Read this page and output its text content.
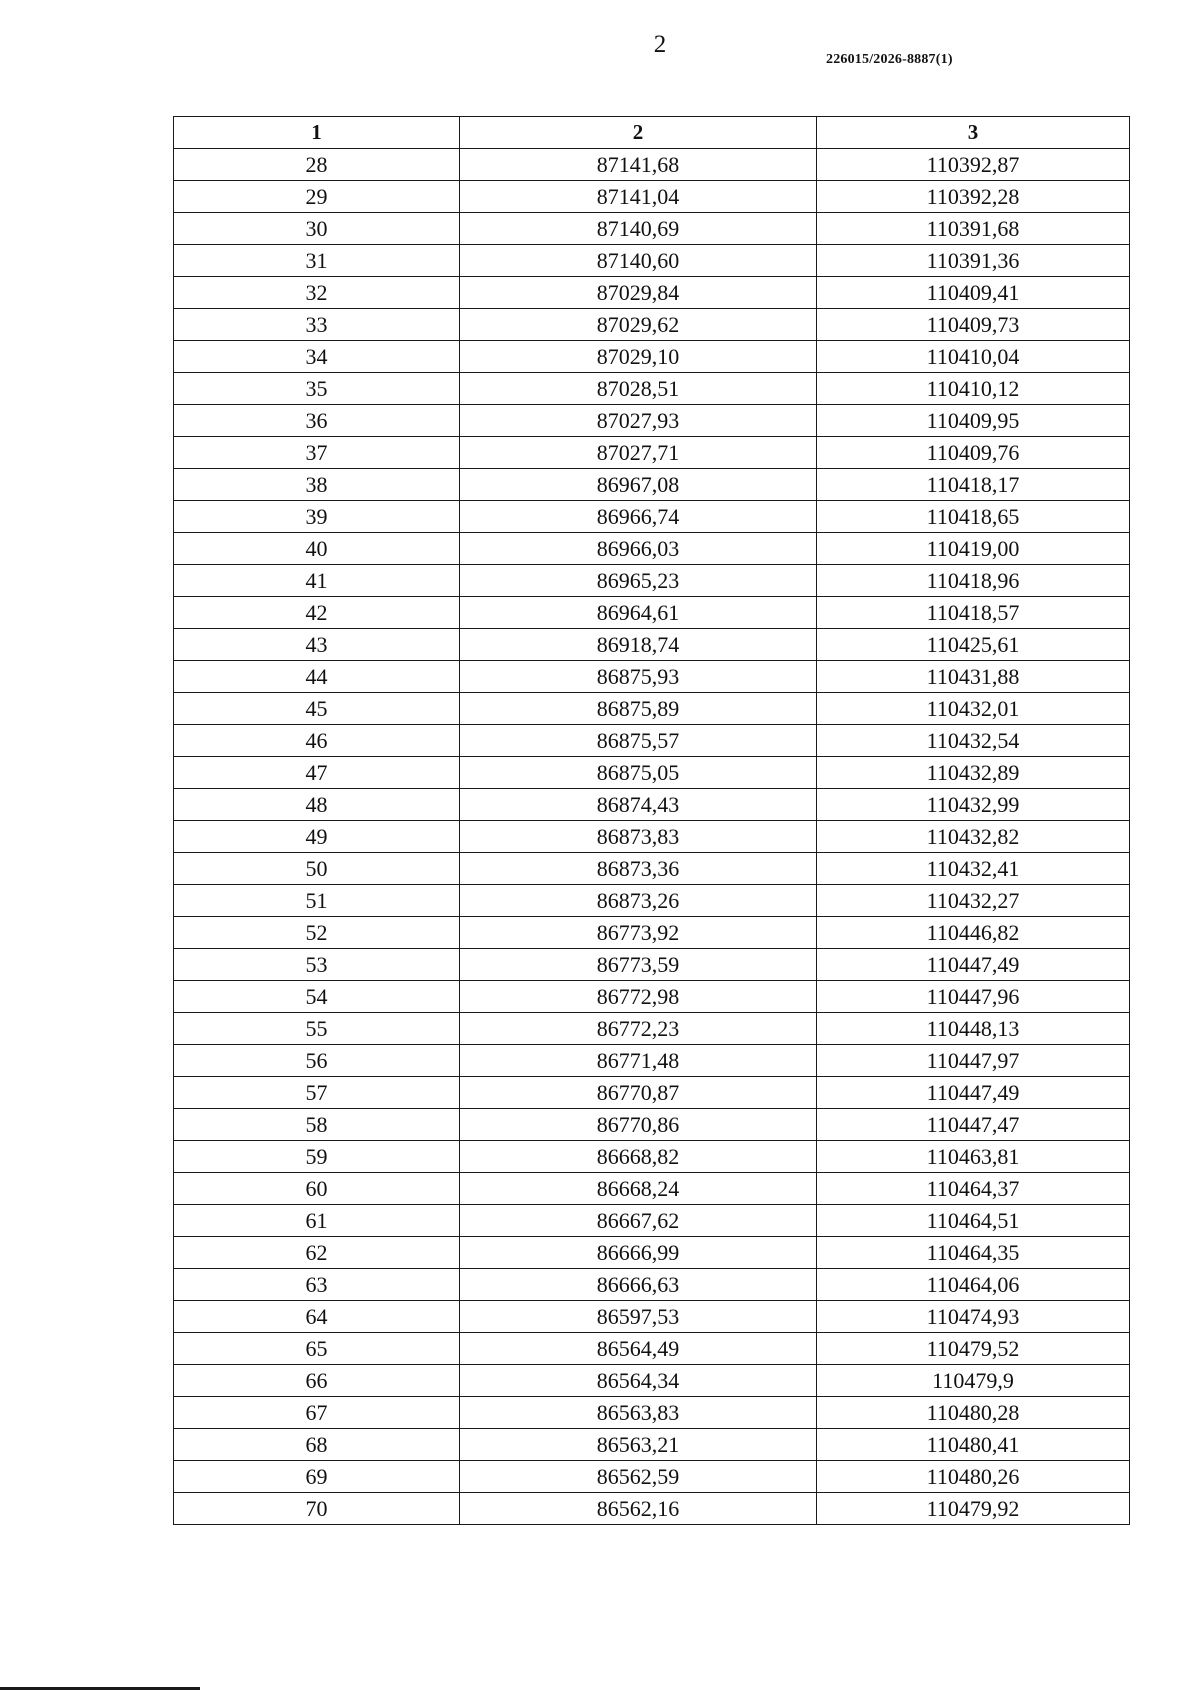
2
226015/2026-8887(1)
1	2	3
28	87141,68	110392,87
29	87141,04	110392,28
30	87140,69	110391,68
31	87140,60	110391,36
32	87029,84	110409,41
33	87029,62	110409,73
34	87029,10	110410,04
35	87028,51	110410,12
36	87027,93	110409,95
37	87027,71	110409,76
38	86967,08	110418,17
39	86966,74	110418,65
40	86966,03	110419,00
41	86965,23	110418,96
42	86964,61	110418,57
43	86918,74	110425,61
44	86875,93	110431,88
45	86875,89	110432,01
46	86875,57	110432,54
47	86875,05	110432,89
48	86874,43	110432,99
49	86873,83	110432,82
50	86873,36	110432,41
51	86873,26	110432,27
52	86773,92	110446,82
53	86773,59	110447,49
54	86772,98	110447,96
55	86772,23	110448,13
56	86771,48	110447,97
57	86770,87	110447,49
58	86770,86	110447,47
59	86668,82	110463,81
60	86668,24	110464,37
61	86667,62	110464,51
62	86666,99	110464,35
63	86666,63	110464,06
64	86597,53	110474,93
65	86564,49	110479,52
66	86564,34	110479,9
67	86563,83	110480,28
68	86563,21	110480,41
69	86562,59	110480,26
70	86562,16	110479,92
